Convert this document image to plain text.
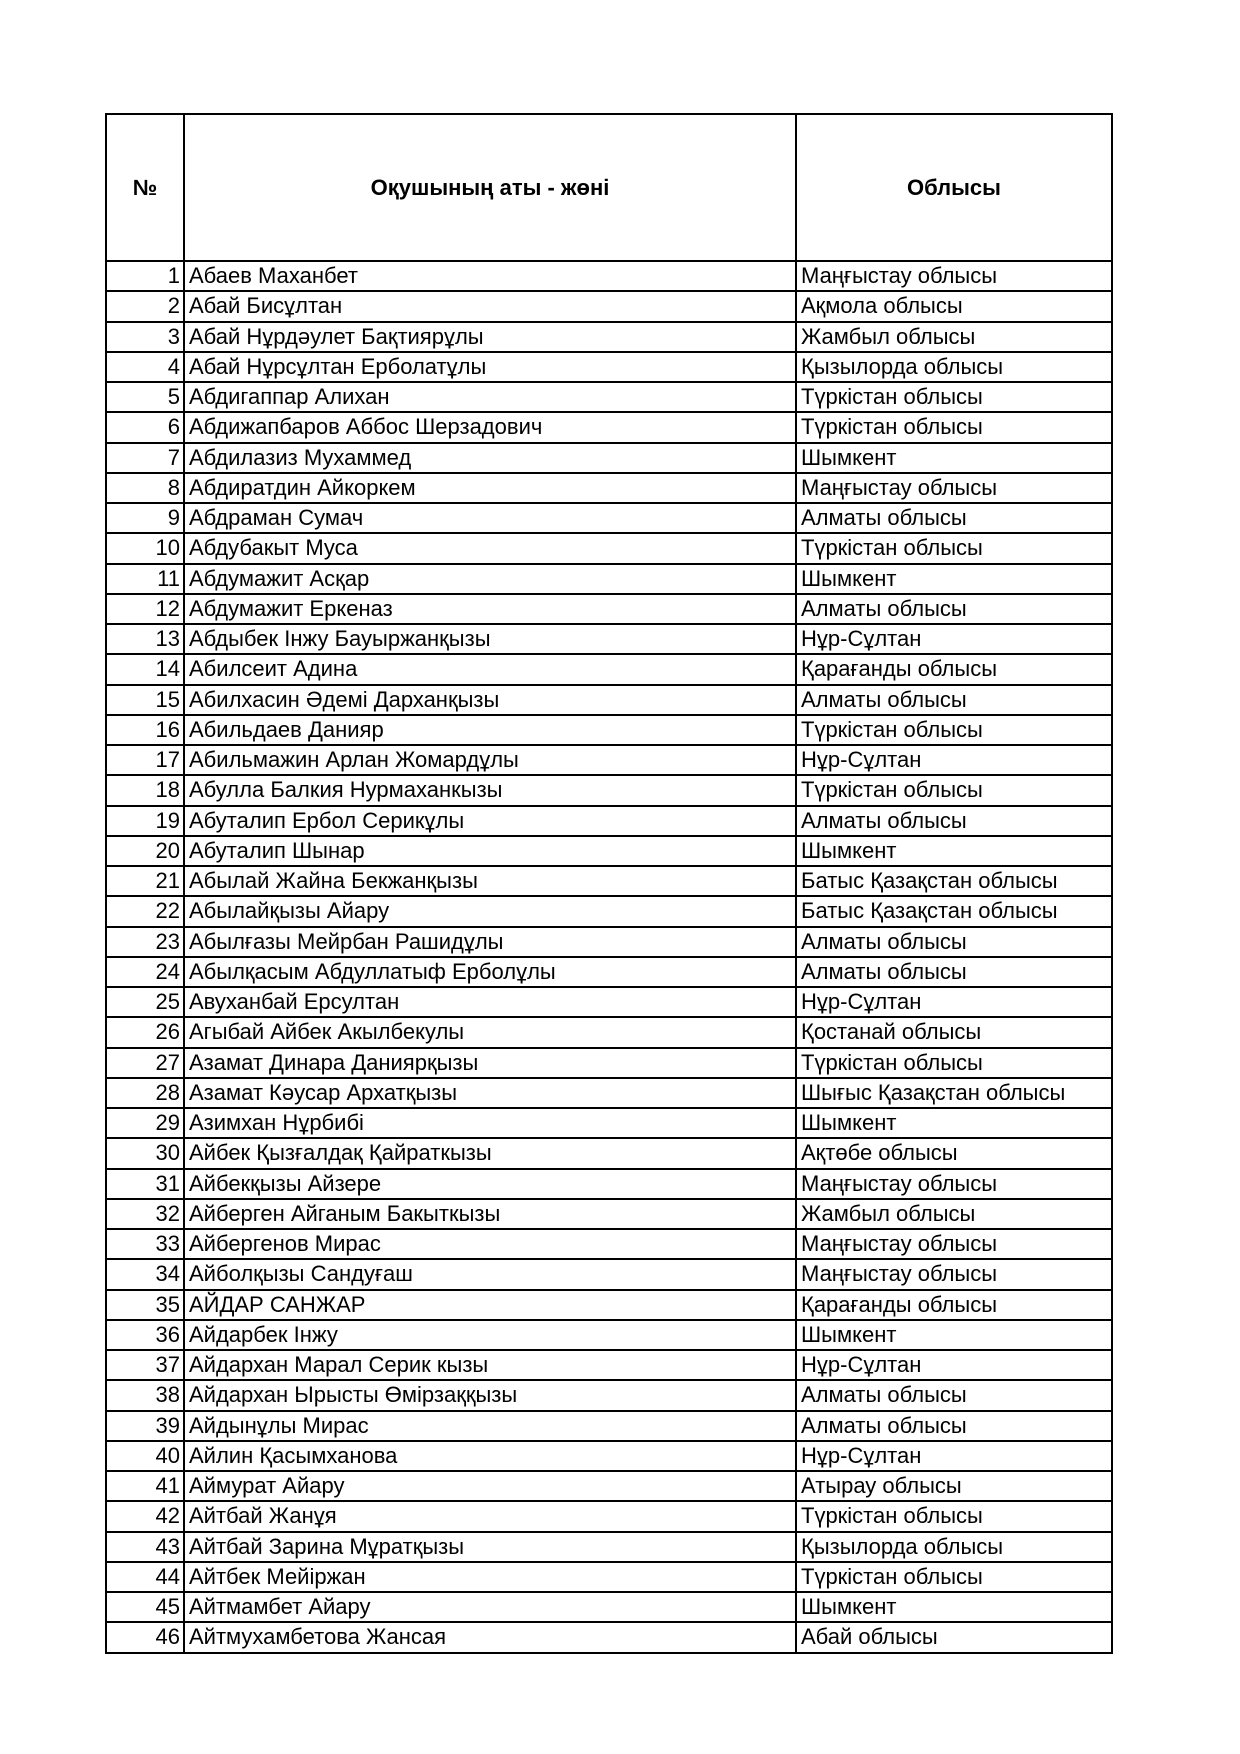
№	Оқушының аты - жөні	Облысы
1	Абаев Маханбет	Маңғыстау облысы
2	Абай Бисұлтан	Ақмола облысы
3	Абай Нұрдәулет Бақтиярұлы	Жамбыл облысы
4	Абай Нұрсұлтан Ерболатұлы	Қызылорда облысы
5	Абдигаппар Алихан	Түркістан облысы
6	Абдижапбаров Аббос Шерзадович	Түркістан облысы
7	Абдилазиз Мухаммед	Шымкент
8	Абдиратдин Айкоркем	Маңғыстау облысы
9	Абдраман Сумач	Алматы облысы
10	Абдубакыт Муса	Түркістан облысы
11	Абдумажит Асқар	Шымкент
12	Абдумажит Еркеназ	Алматы облысы
13	Абдыбек Інжу Бауыржанқызы	Нұр-Сұлтан
14	Абилсеит Адина	Қарағанды облысы
15	Абилхасин Әдемі Дарханқызы	Алматы облысы
16	Абильдаев Данияр	Түркістан облысы
17	Абильмажин Арлан Жомардұлы	Нұр-Сұлтан
18	Абулла Балкия Нурмаханкызы	Түркістан облысы
19	Абуталип Ербол Серикұлы	Алматы облысы
20	Абуталип Шынар	Шымкент
21	Абылай Жайна Бекжанқызы	Батыс Қазақстан облысы
22	Абылайқызы Айару	Батыс Қазақстан облысы
23	Абылғазы Мейрбан Рашидұлы	Алматы облысы
24	Абылқасым Абдуллатыф Ерболұлы	Алматы облысы
25	Авуханбай Ерсултан	Нұр-Сұлтан
26	Агыбай Айбек Акылбекулы	Қостанай облысы
27	Азамат Динара Даниярқызы	Түркістан облысы
28	Азамат Кәусар Архатқызы	Шығыс Қазақстан облысы
29	Азимхан Нұрбибі	Шымкент
30	Айбек Қызғалдақ Қайраткызы	Ақтөбе облысы
31	Айбекқызы Айзере	Маңғыстау облысы
32	Айберген Айганым Бакыткызы	Жамбыл облысы
33	Айбергенов Мирас	Маңғыстау облысы
34	Айболқызы Сандуғаш	Маңғыстау облысы
35	АЙДАР САНЖАР	Қарағанды облысы
36	Айдарбек Інжу	Шымкент
37	Айдархан Марал Серик кызы	Нұр-Сұлтан
38	Айдархан Ырысты Өмірзаққызы	Алматы облысы
39	Айдынұлы Мирас	Алматы облысы
40	Айлин Қасымханова	Нұр-Сұлтан
41	Аймурат Айару	Атырау облысы
42	Айтбай Жанұя	Түркістан облысы
43	Айтбай Зарина Мұратқызы	Қызылорда облысы
44	Айтбек Мейіржан	Түркістан облысы
45	Айтмамбет Айару	Шымкент
46	Айтмухамбетова Жансая	Абай облысы
